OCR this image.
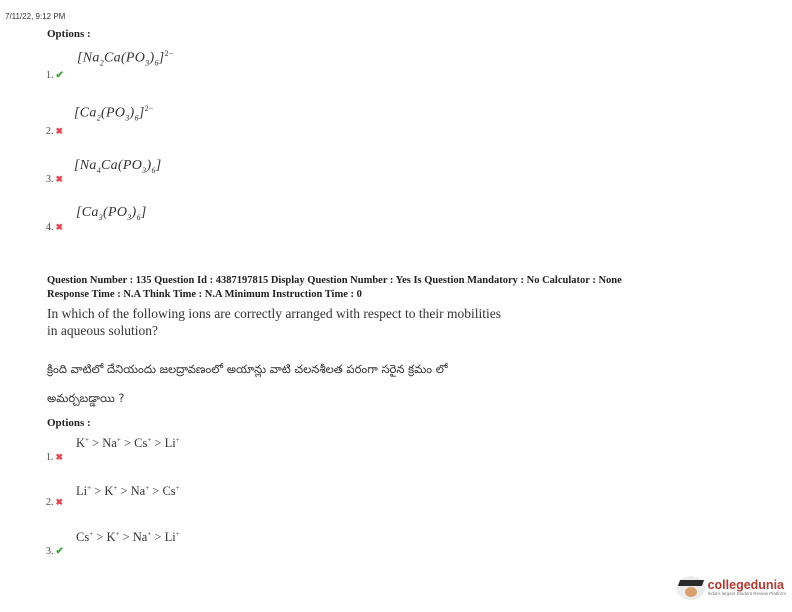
7/11/22, 9:12 PM
Options :
$[Na_2Ca(PO_3)_6]^{2-}$
1. ✔
$[Ca_2(PO_3)_6]^{2-}$
2. ✖
$[Na_4Ca(PO_3)_6]$
3. ✖
$[Ca_3(PO_3)_6]$
4. ✖
Question Number : 135 Question Id : 4387197815 Display Question Number : Yes Is Question Mandatory : No Calculator : None
Response Time : N.A Think Time : N.A Minimum Instruction Time : 0
In which of the following ions are correctly arranged with respect to their mobilities
in aqueous solution?
క్రింది వాటిలో దేనియందు జలద్రావణంలో అయాన్లు వాటి చలనశీలత పరంగా సరైన క్రమం లో
అమర్చబడ్డాయి ?
Options :
K+ > Na+ > Cs+ > Li+
1. ✖
Li+ > K+ > Na+ > Cs+
2. ✖
Cs+ > K+ > Na+ > Li+
3. ✔
collegedunia
India's largest Student Review Platform
